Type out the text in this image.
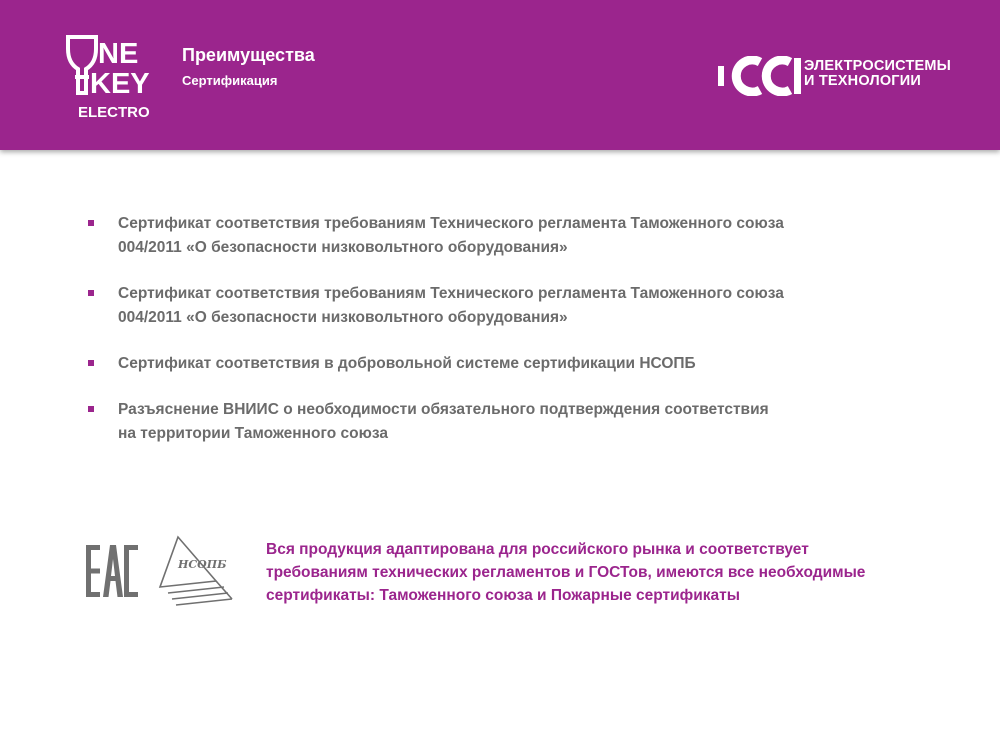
NE
KEY
ELECTRO
Преимущества
Сертификация
ЭЛЕКТРОСИСТЕМЫ
И ТЕХНОЛОГИИ
Сертификат соответствия требованиям Технического регламента Таможенного союза
004/2011 «О безопасности низковольтного оборудования»
Сертификат соответствия требованиям Технического регламента Таможенного союза
004/2011 «О безопасности низковольтного оборудования»
Сертификат соответствия в добровольной системе сертификации НСОПБ
Разъяснение ВНИИС о необходимости обязательного подтверждения соответствия
на территории Таможенного союза
НСОПБ
Вся продукция адаптирована для российского рынка и соответствует
требованиям технических регламентов и ГОСТов, имеются все необходимые
сертификаты: Таможенного союза и Пожарные сертификаты
